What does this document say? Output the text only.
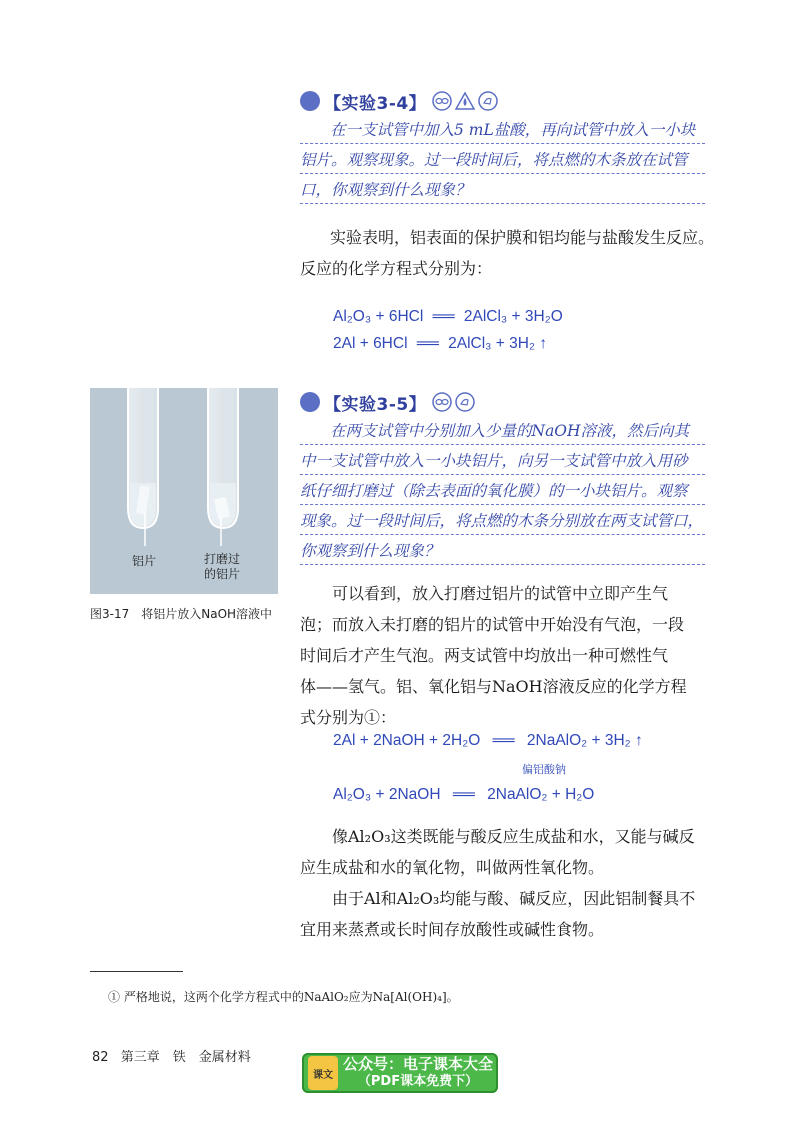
【实验3-4】

在一支试管中加入5 mL盐酸，再向试管中放入一小块

铝片。观察现象。过一段时间后，将点燃的木条放在试管

口，你观察到什么现象？

实验表明，铝表面的保护膜和铝均能与盐酸发生反应。

反应的化学方程式分别为：

Al₂O₃ + 6HCl ══ 2AlCl₃ + 3H₂O
2Al + 6HCl ══ 2AlCl₃ + 3H₂ ↑
铝片	打磨过
的铝片
图3-17　将铝片放入NaOH溶液中
【实验3-5】

在两支试管中分别加入少量的NaOH溶液，然后向其

中一支试管中放入一小块铝片，向另一支试管中放入用砂

纸仔细打磨过（除去表面的氧化膜）的一小块铝片。观察

现象。过一段时间后，将点燃的木条分别放在两支试管口，

你观察到什么现象？

　　可以看到，放入打磨过铝片的试管中立即产生气

泡；而放入未打磨的铝片的试管中开始没有气泡，一段

时间后才产生气泡。两支试管中均放出一种可燃性气

体——氢气。铝、氧化铝与NaOH溶液反应的化学方程

式分别为①：

2Al + 2NaOH + 2H₂O ══ 2NaAlO₂ + 3H₂ ↑
偏铝酸钠
Al₂O₃ + 2NaOH ══ 2NaAlO₂ + H₂O

　　像Al₂O₃这类既能与酸反应生成盐和水，又能与碱反

应生成盐和水的氧化物，叫做两性氧化物。

　　由于Al和Al₂O₃均能与酸、碱反应，因此铝制餐具不

宜用来蒸煮或长时间存放酸性或碱性食物。

① 严格地说，这两个化学方程式中的NaAlO₂应为Na[Al(OH)₄]。
82 第三章　铁　金属材料
课文
公众号：电子课本大全
（PDF课本免费下）
